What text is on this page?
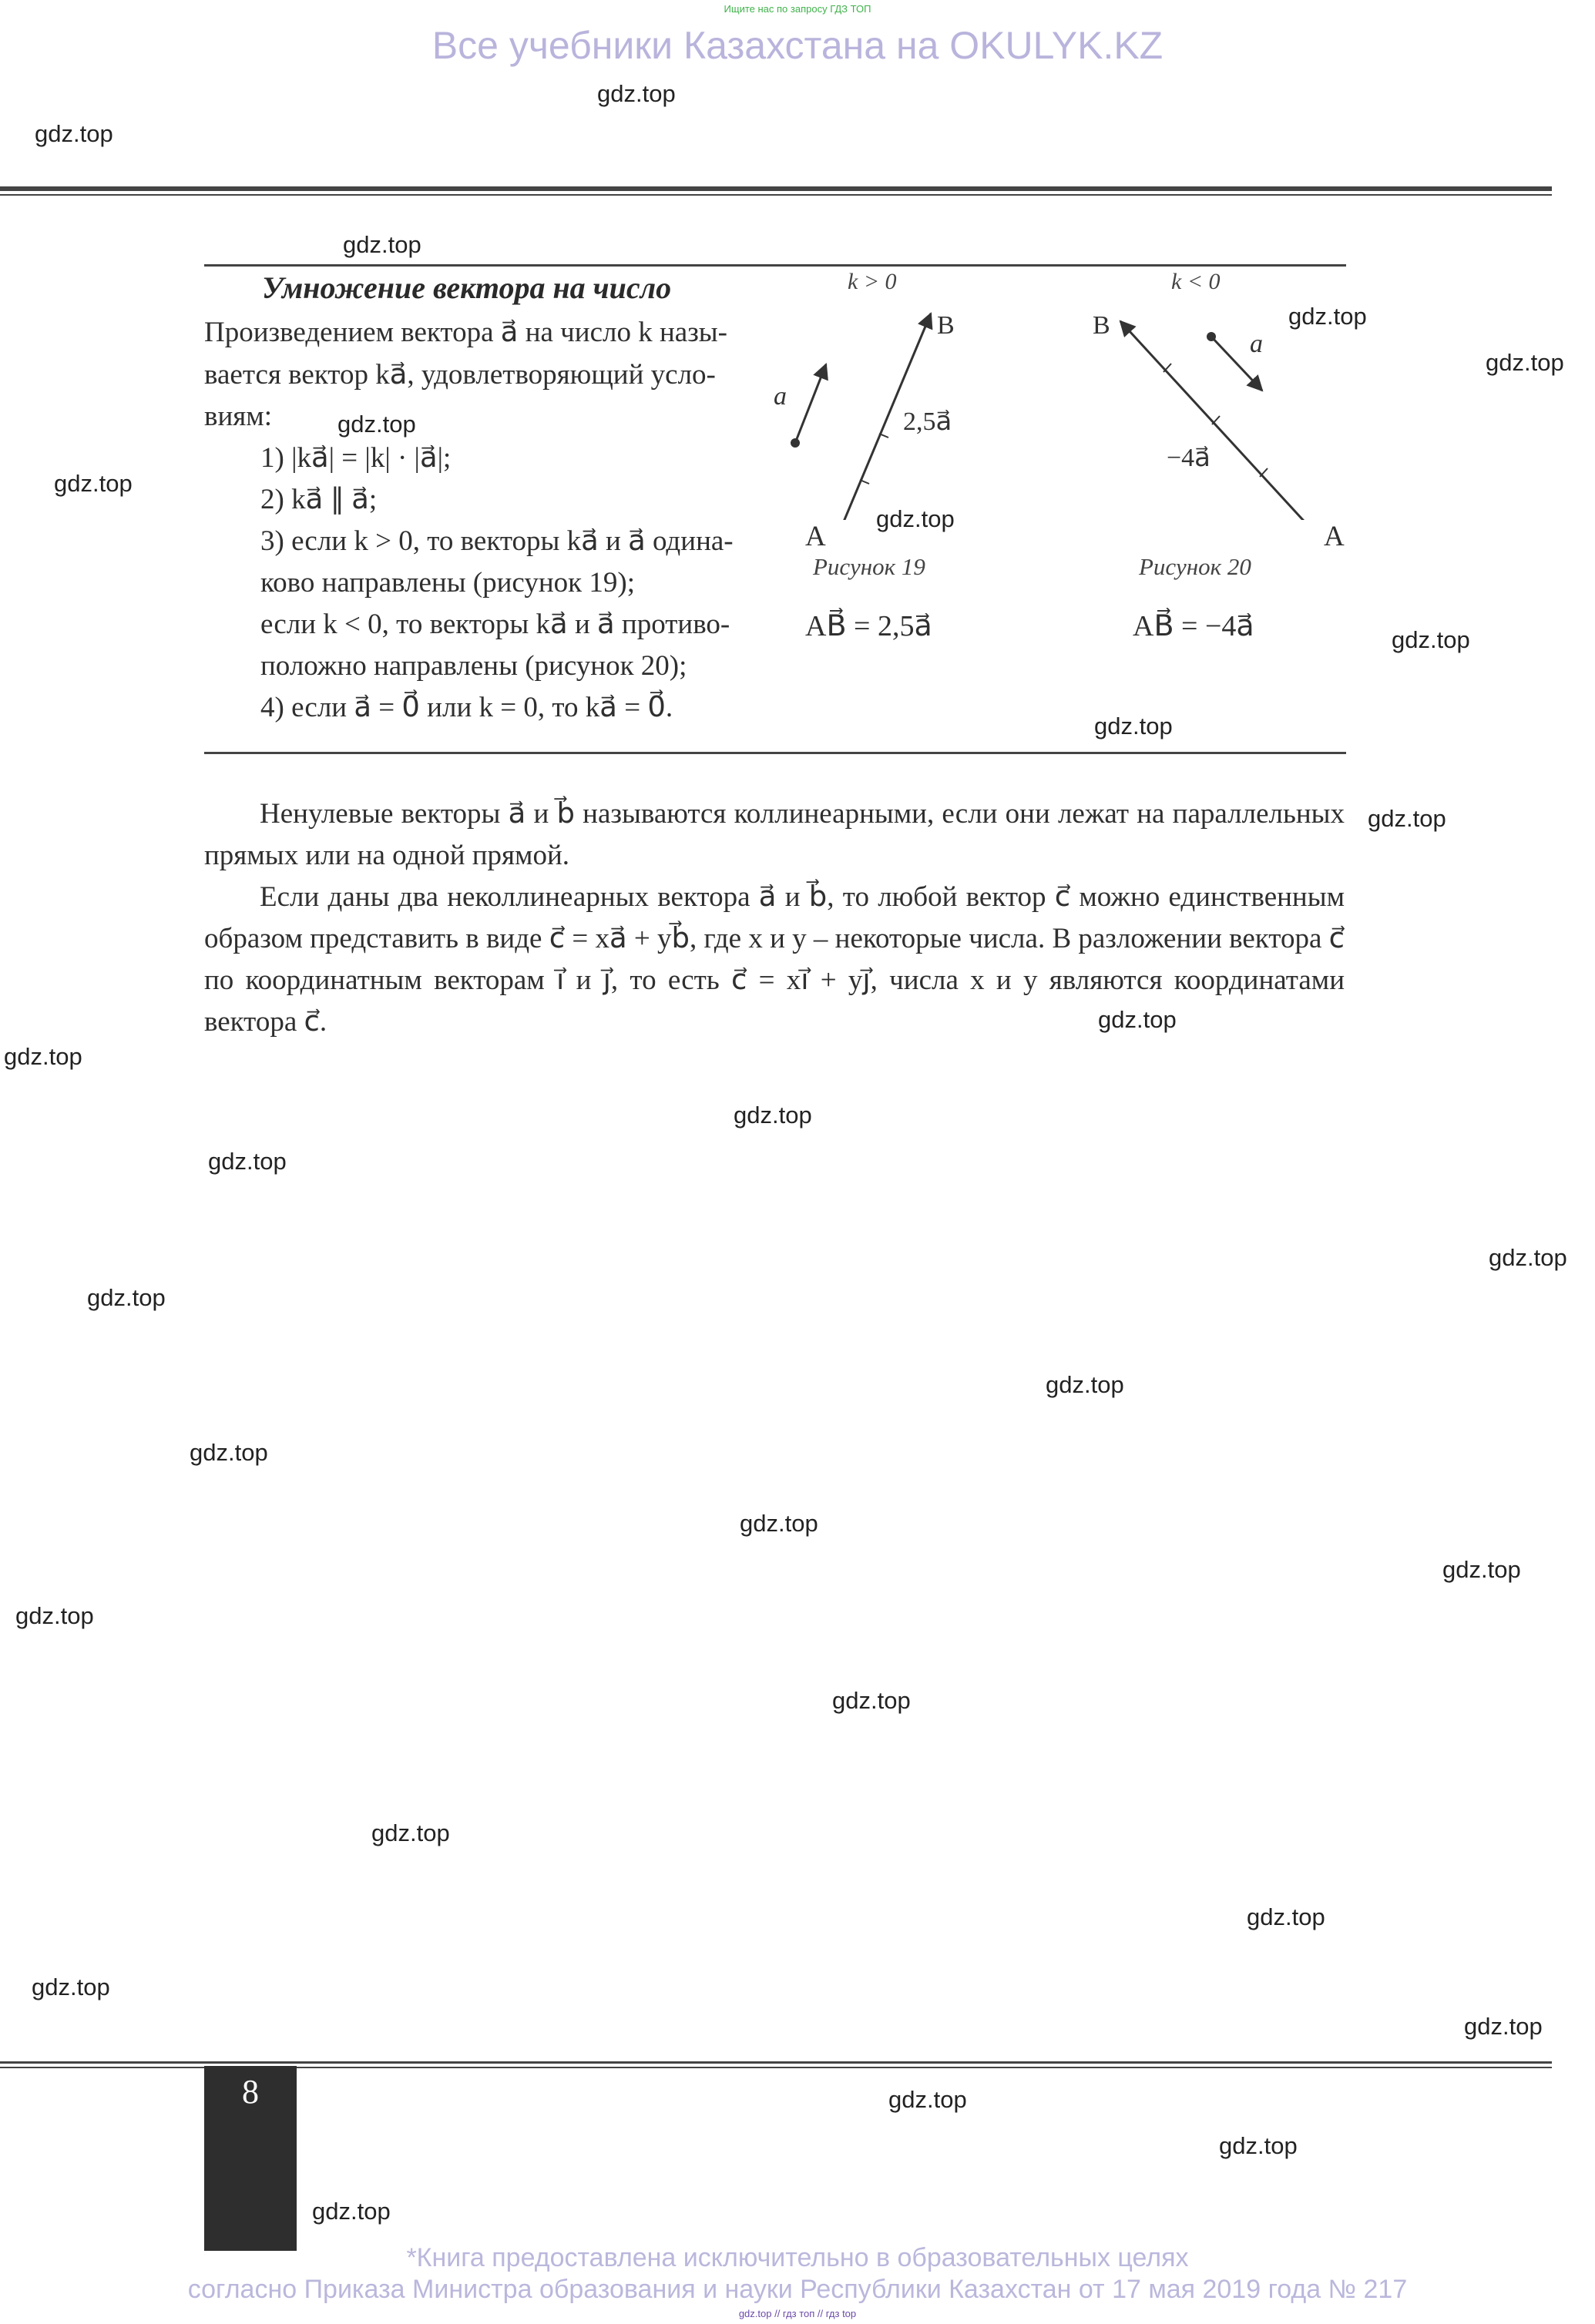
Ищите нас по запросу ГДЗ ТОП
Все учебники Казахстана на OKULYK.KZ
Умножение вектора на число
Произведением вектора a⃗ на число k назы-
вается вектор ka⃗, удовлетворяющий усло-
виям:
1) |ka⃗| = |k| · |a⃗|;
2) ka⃗ ∥ a⃗;
3) если k > 0, то векторы ka⃗ и a⃗ одина-
ково направлены (рисунок 19);
если k < 0, то векторы ka⃗ и a⃗ противо-
положно направлены (рисунок 20);
4) если a⃗ = 0⃗ или k = 0, то ka⃗ = 0⃗.
k > 0
a⃗
B
2,5a⃗
A
Рисунок 19
AB⃗ = 2,5a⃗
k < 0
B
a⃗
−4a⃗
A
Рисунок 20
AB⃗ = −4a⃗

Ненулевые векторы a⃗ и b⃗ называются коллинеарными, если они лежат на параллельных прямых или на одной прямой.

Если даны два неколлинеарных вектора a⃗ и b⃗, то любой вектор c⃗ можно единственным образом представить в виде c⃗ = xa⃗ + yb⃗, где x и y – некоторые числа. В разложении вектора c⃗ по координатным векторам i⃗ и j⃗, то есть c⃗ = xi⃗ + yj⃗, числа x и y являются координатами вектора c⃗.

8
*Книга предоставлена исключительно в образовательных целях
согласно Приказа Министра образования и науки Республики Казахстан от 17 мая 2019 года № 217
gdz.top // гдз топ // гдз top
gdz.top
gdz.top
gdz.top
gdz.top
gdz.top
gdz.top
gdz.top
gdz.top
gdz.top
gdz.top
gdz.top
gdz.top
gdz.top
gdz.top
gdz.top
gdz.top
gdz.top
gdz.top
gdz.top
gdz.top
gdz.top
gdz.top
gdz.top
gdz.top
gdz.top
gdz.top
gdz.top
gdz.top
gdz.top
gdz.top
